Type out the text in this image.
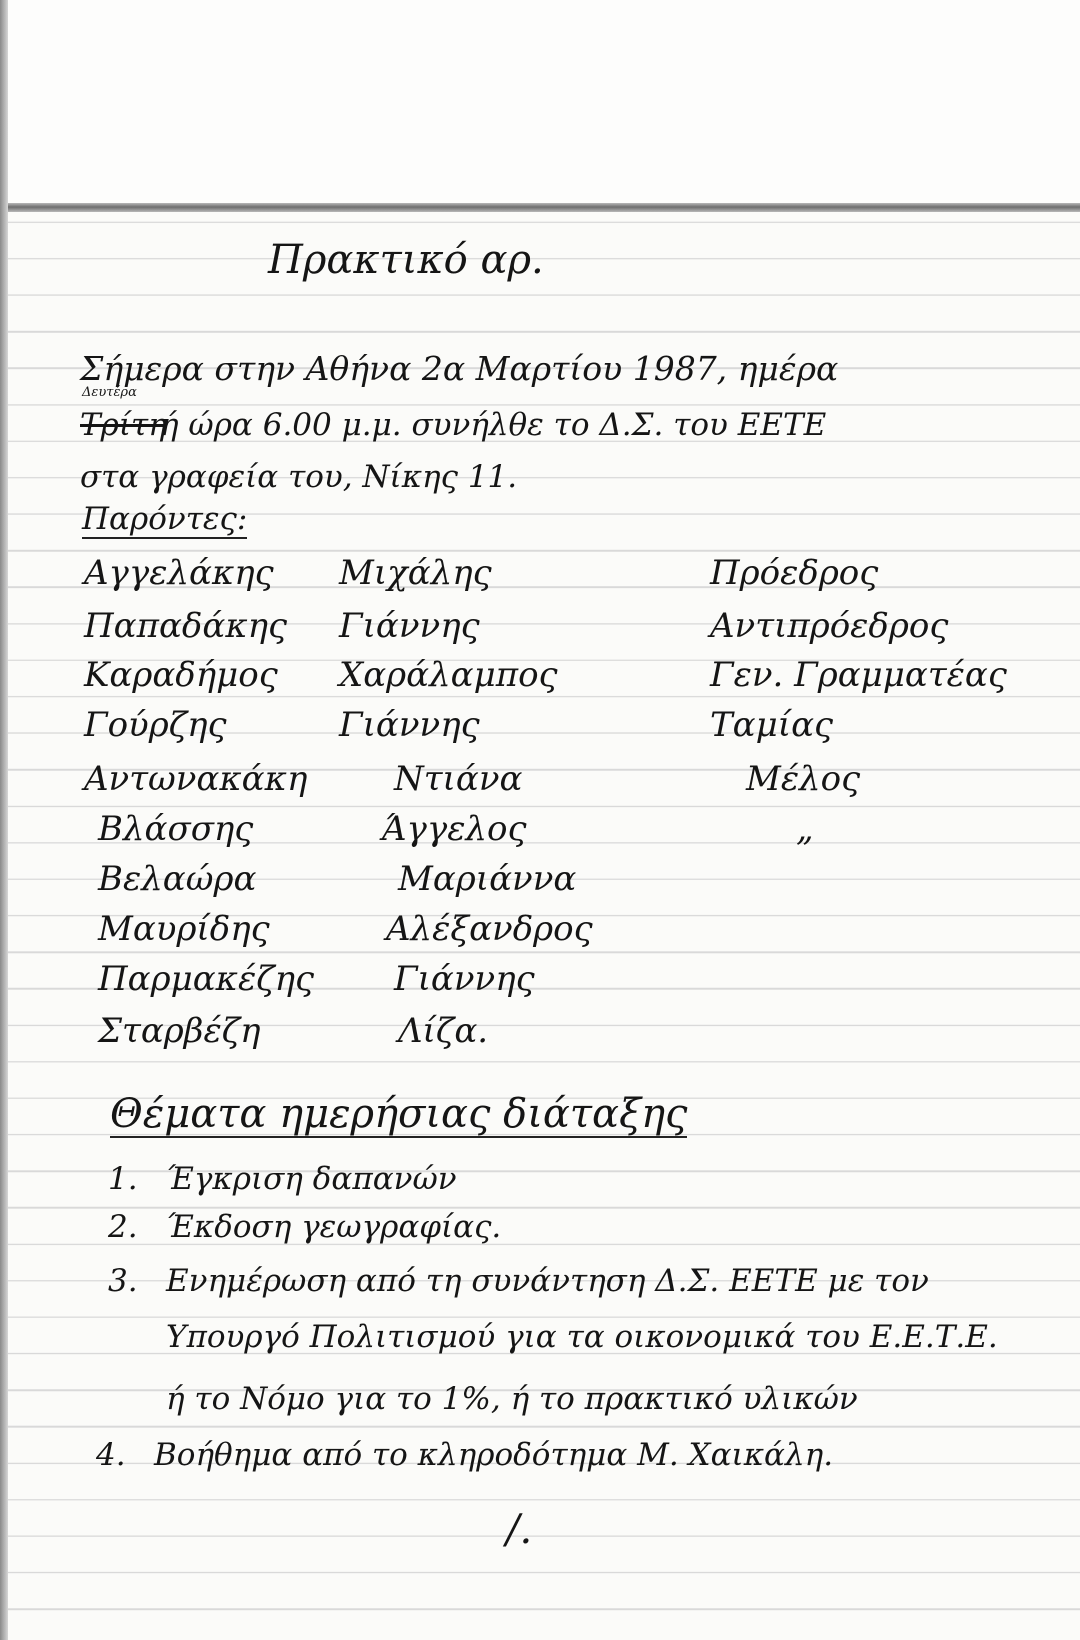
Πρακτικό αρ.
Σήμερα στην Αθήνα 2α Μαρτίου 1987, ημέρα
Δευτέρα
Τρίτη
ή ώρα 6.00 μ.μ. συνήλθε το Δ.Σ. του ΕΕΤΕ
στα γραφεία του, Νίκης 11.
Παρόντες:
Αγγελάκης Μιχάλης	Πρόεδρος
Παπαδάκης Γιάννης	Αντιπρόεδρος
Καραδήμος Χαράλαμπος	Γεν. Γραμματέας
Γούρζης	Γιάννης	Ταμίας
Αντωνακάκη	Ντιάνα	Μέλος
Βλάσσης	Άγγελος	„
Βελαώρα	Μαριάννα
Μαυρίδης	Αλέξανδρος
Παρμακέζης Γιάννης
Σταρβέζη	Λίζα.
Θέματα ημερήσιας διάταξης
1. Έγκριση δαπανών
2. Έκδοση γεωγραφίας.
3. Ενημέρωση από τη συνάντηση Δ.Σ. ΕΕΤΕ με τον
Υπουργό Πολιτισμού για τα οικονομικά του Ε.Ε.Τ.Ε.
ή το Νόμο για το 1%, ή το πρακτικό υλικών
4. Βοήθημα από το κληροδότημα Μ. Χαικάλη.
/.
